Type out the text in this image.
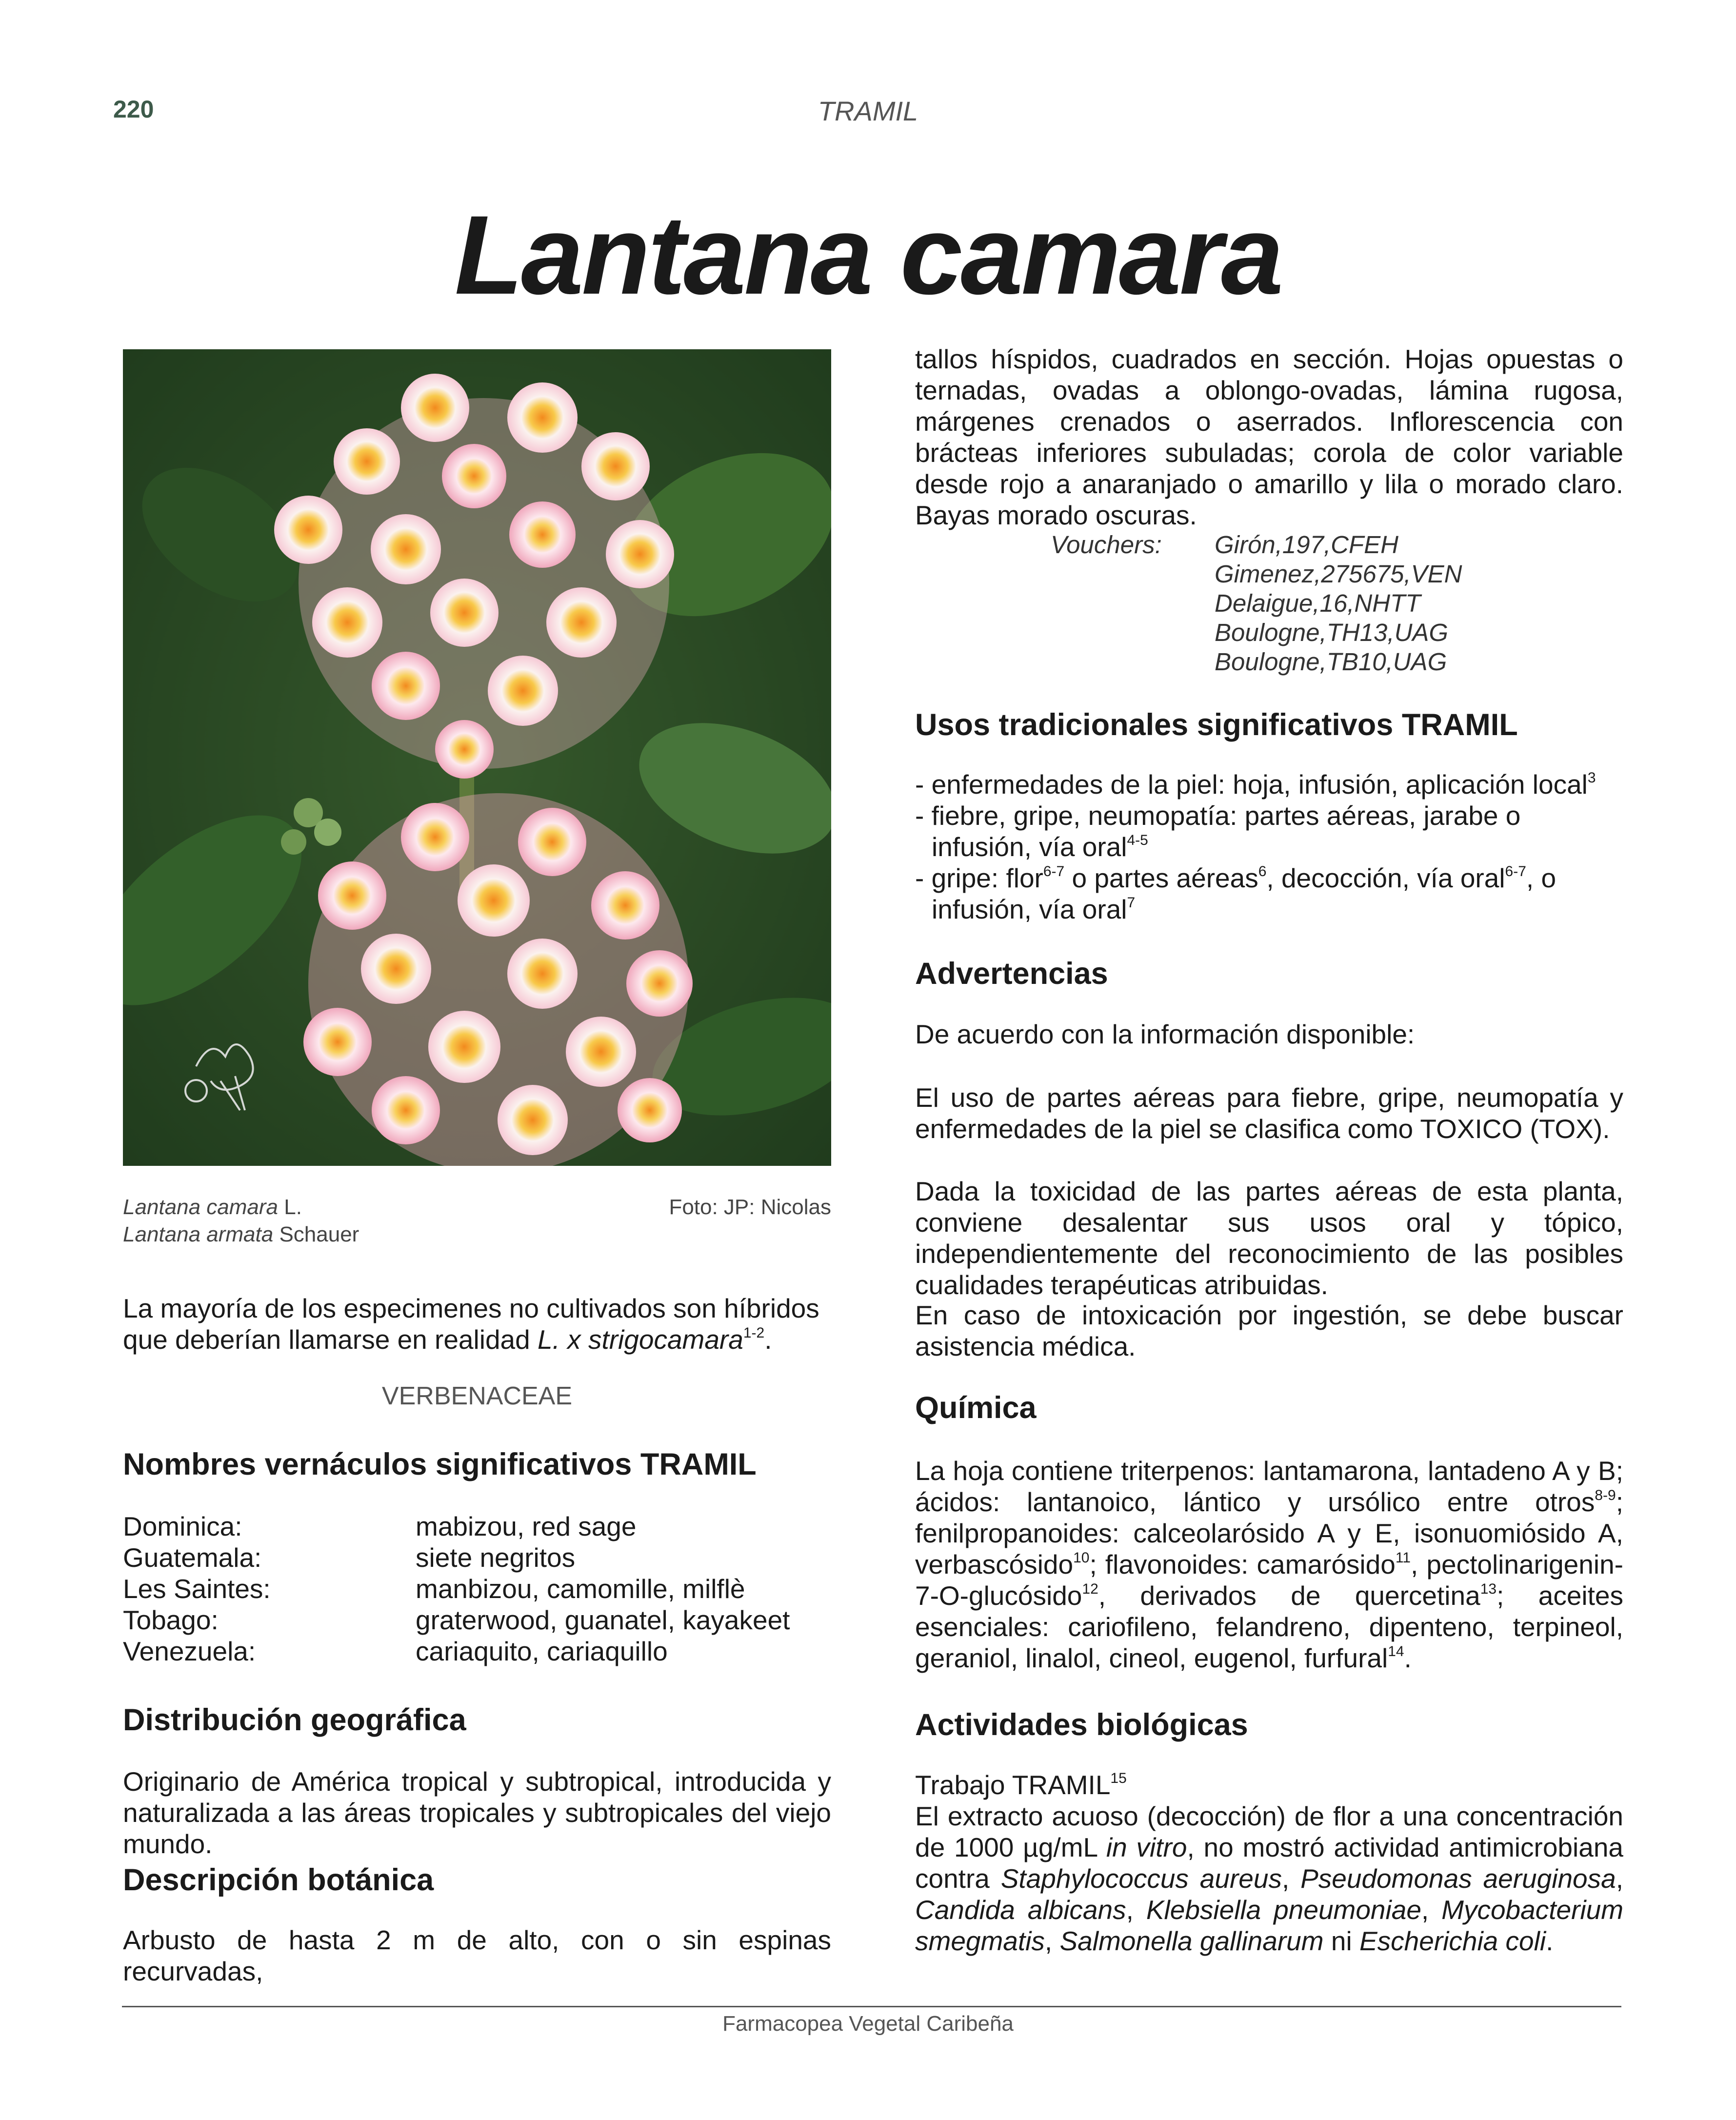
220	TRAMIL
Lantana camara
Lantana camara L.
Lantana armata Schauer
Foto: JP: Nicolas
La mayoría de los especimenes no cultivados son híbridos que deberían llamarse en realidad L. x strigocamara$^{1-2}$.
VERBENACEAE
Nombres vernáculos significativos TRAMIL
Dominica:	mabizou, red sage
Guatemala:	siete negritos
Les Saintes:	manbizou, camomille, milflè
Tobago:	graterwood, guanatel, kayakeet
Venezuela:	cariaquito, cariaquillo
Distribución geográfica
Originario de América tropical y subtropical, introducida y naturalizada a las áreas tropicales y subtropicales del viejo mundo.
Descripción botánica
Arbusto de hasta 2 m de alto, con o sin espinas recurvadas,
tallos híspidos, cuadrados en sección. Hojas opuestas o ternadas, ovadas a oblongo-ovadas, lámina rugosa, márgenes crenados o aserrados. Inflorescencia con brácteas inferiores subuladas; corola de color variable desde rojo a anaranjado o amarillo y lila o morado claro. Bayas morado oscuras.
Vouchers:	Girón,197,CFEH
Gimenez,275675,VEN
Delaigue,16,NHTT
Boulogne,TH13,UAG
Boulogne,TB10,UAG
Usos tradicionales significativos TRAMIL
- enfermedades de la piel: hoja, infusión, aplicación local$^3$
- fiebre, gripe, neumopatía: partes aéreas, jarabe o infusión, vía oral$^{4-5}$
- gripe: flor$^{6-7}$ o partes aéreas$^6$, decocción, vía oral$^{6-7}$, o infusión, vía oral$^7$
Advertencias
De acuerdo con la información disponible:
El uso de partes aéreas para fiebre, gripe, neumopatía y enfermedades de la piel se clasifica como TOXICO (TOX).
Dada la toxicidad de las partes aéreas de esta planta, conviene desalentar sus usos oral y tópico, independientemente del reconocimiento de las posibles cualidades terapéuticas atribuidas.
En caso de intoxicación por ingestión, se debe buscar asistencia médica.
Química
La hoja contiene triterpenos: lantamarona, lantadeno A y B; ácidos: lantanoico, lántico y ursólico entre otros$^{8-9}$; fenilpropanoides: calceolarósido A y E, isonuomiósido A, verbascósido$^{10}$; flavonoides: camarósido$^{11}$, pectolinarigenin-7-O-glucósido$^{12}$, derivados de quercetina$^{13}$; aceites esenciales: cariofileno, felandreno, dipenteno, terpineol, geraniol, linalol, cineol, eugenol, furfural$^{14}$.
Actividades biológicas
Trabajo TRAMIL$^{15}$
El extracto acuoso (decocción) de flor a una concentración de 1000 µg/mL in vitro, no mostró actividad antimicrobiana contra Staphylococcus aureus, Pseudomonas aeruginosa, Candida albicans, Klebsiella pneumoniae, Mycobacterium smegmatis, Salmonella gallinarum ni Escherichia coli.
Farmacopea Vegetal Caribeña
